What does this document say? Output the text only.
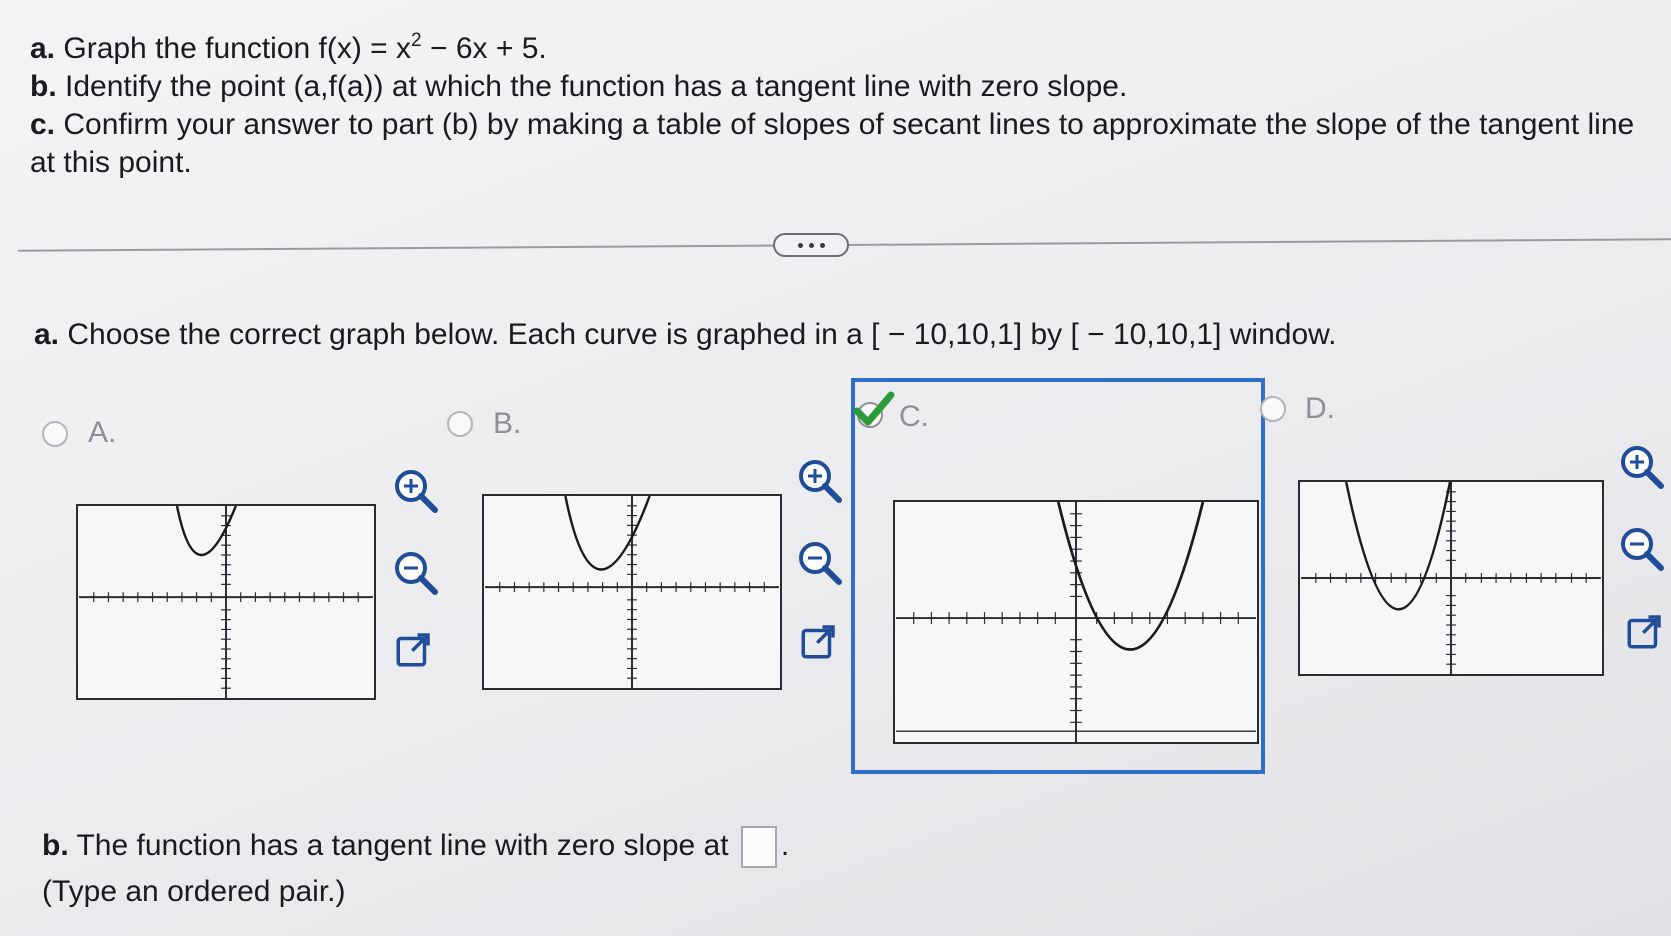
a. Graph the function $f(x) = x^2 - 6x + 5$.

b. Identify the point (a,f(a)) at which the function has a tangent line with zero slope.

c. Confirm your answer to part (b) by making a table of slopes of secant lines to approximate the slope of the tangent line at this point.

a. Choose the correct graph below. Each curve is graphed in a [ − 10,10,1] by [ − 10,10,1] window.
A.	B.	C.	D.
b. The function has a tangent line with zero slope at .
(Type an ordered pair.)
